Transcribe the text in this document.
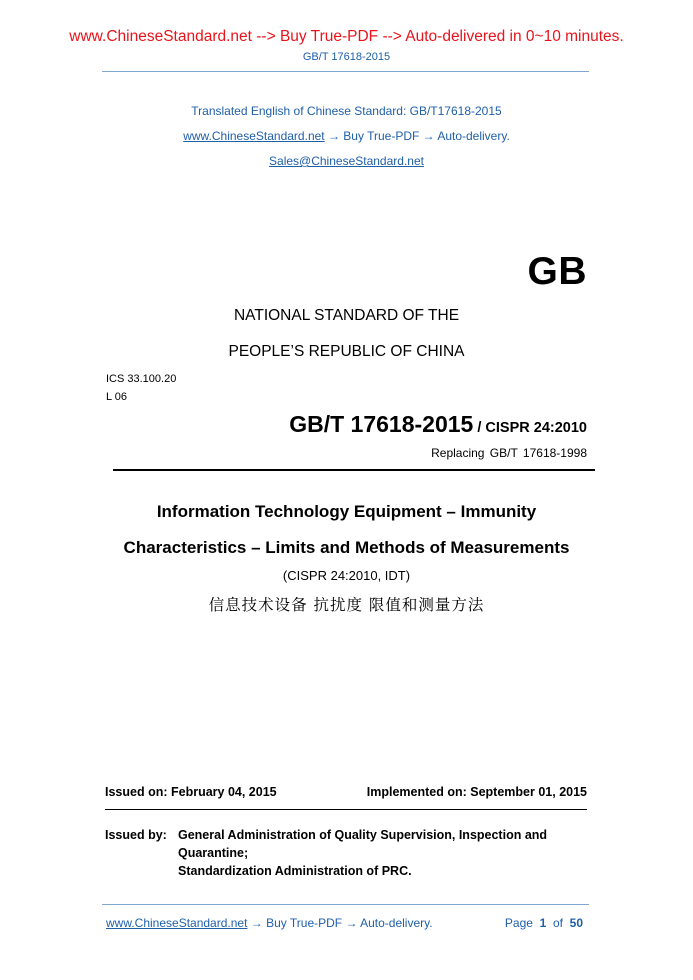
www.ChineseStandard.net --> Buy True-PDF --> Auto-delivered in 0~10 minutes.
GB/T 17618-2015
Translated English of Chinese Standard: GB/T17618-2015
www.ChineseStandard.net → Buy True-PDF → Auto-delivery.
Sales@ChineseStandard.net
GB
NATIONAL STANDARD OF THE
PEOPLE’S REPUBLIC OF CHINA
ICS 33.100.20
L 06
GB/T 17618-2015 / CISPR 24:2010
Replacing GB/T 17618-1998
Information Technology Equipment – Immunity
Characteristics – Limits and Methods of Measurements
(CISPR 24:2010, IDT)
信息技术设备 抗扰度 限值和测量方法
Issued on: February 04, 2015	Implemented on: September 01, 2015
Issued by: General Administration of Quality Supervision, Inspection and Quarantine;
Standardization Administration of PRC.
www.ChineseStandard.net → Buy True-PDF → Auto-delivery.	Page 1 of 50
